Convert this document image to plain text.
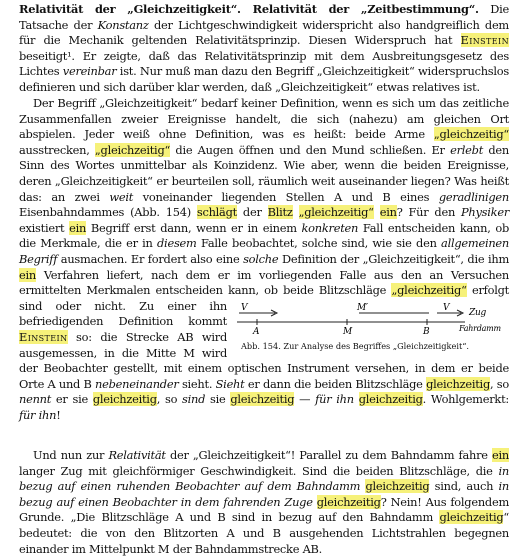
Relativität der „Gleichzeitigkeit“. Relativität der „Zeitbestimmung“. Die Tatsache der Konstanz der Lichtgeschwindigkeit widerspricht also handgreiflich dem für die Mechanik geltenden Relativitätsprinzip. Diesen Widerspruch hat Einstein beseitigt¹. Er zeigte, daß das Relativitätsprinzip mit dem Ausbreitungsgesetz des Lichtes vereinbar ist. Nur muß man dazu den Begriff „Gleichzeitigkeit“ widerspruchslos definieren und sich darüber klar werden, daß „Gleichzeitigkeit“ etwas relatives ist.

Der Begriff „Gleichzeitigkeit“ bedarf keiner Definition, wenn es sich um das zeitliche Zusammenfallen zweier Ereignisse handelt, die sich (nahezu) am gleichen Ort abspielen. Jeder weiß ohne Definition, was es heißt: beide Arme „gleichzeitig“ ausstrecken, „gleichzeitig“ die Augen öffnen und den Mund schließen. Er erlebt den Sinn des Wortes unmittelbar als Koinzidenz. Wie aber, wenn die beiden Ereignisse, deren „Gleichzeitigkeit“ er beurteilen soll, räumlich weit auseinander liegen? Was heißt das: an zwei weit voneinander liegenden Stellen A und B eines geradlinigen Eisenbahndammes (Abb. 154) schlägt der Blitz „gleichzeitig“ ein? Für den Physiker existiert ein Begriff erst dann, wenn er in einem konkreten Fall entscheiden kann, ob die Merkmale, die er in diesem Falle beobachtet, solche sind, wie sie den allgemeinen Begriff ausmachen. Er fordert also eine solche Definition der „Gleichzeitigkeit“, die ihm ein Verfahren liefert, nach dem er im vorliegenden Falle aus den an Versuchen ermittelten Merkmalen entscheiden kann, ob beide Blitzschläge
V	M′	V Zug
A	M	B	Fahrdamm
Abb. 154. Zur Analyse des Begriffes „Gleichzeitigkeit“.
„gleichzeitig“ erfolgt sind oder nicht. Zu einer ihn befriedigenden Definition kommt Einstein so: die Strecke AB wird ausgemessen, in die Mitte M wird der Beobachter gestellt, mit einem optischen Instrument versehen, in dem er beide Orte A und B nebeneinander sieht. Sieht er dann die beiden Blitzschläge gleichzeitig, so nennt er sie gleichzeitig, so sind sie gleichzeitig — für ihn gleichzeitig. Wohlgemerkt: für ihn!

Und nun zur Relativität der „Gleichzeitigkeit“! Parallel zu dem Bahndamm fahre ein langer Zug mit gleichförmiger Geschwindigkeit. Sind die beiden Blitzschläge, die in bezug auf einen ruhenden Beobachter auf dem Bahndamm gleichzeitig sind, auch in bezug auf einen Beobachter in dem fahrenden Zuge gleichzeitig? Nein! Aus folgendem Grunde. „Die Blitzschläge A und B sind in bezug auf den Bahndamm gleichzeitig“ bedeutet: die von den Blitzorten A und B ausgehenden Lichtstrahlen begegnen einander im Mittelpunkt M der Bahndammstrecke AB.
